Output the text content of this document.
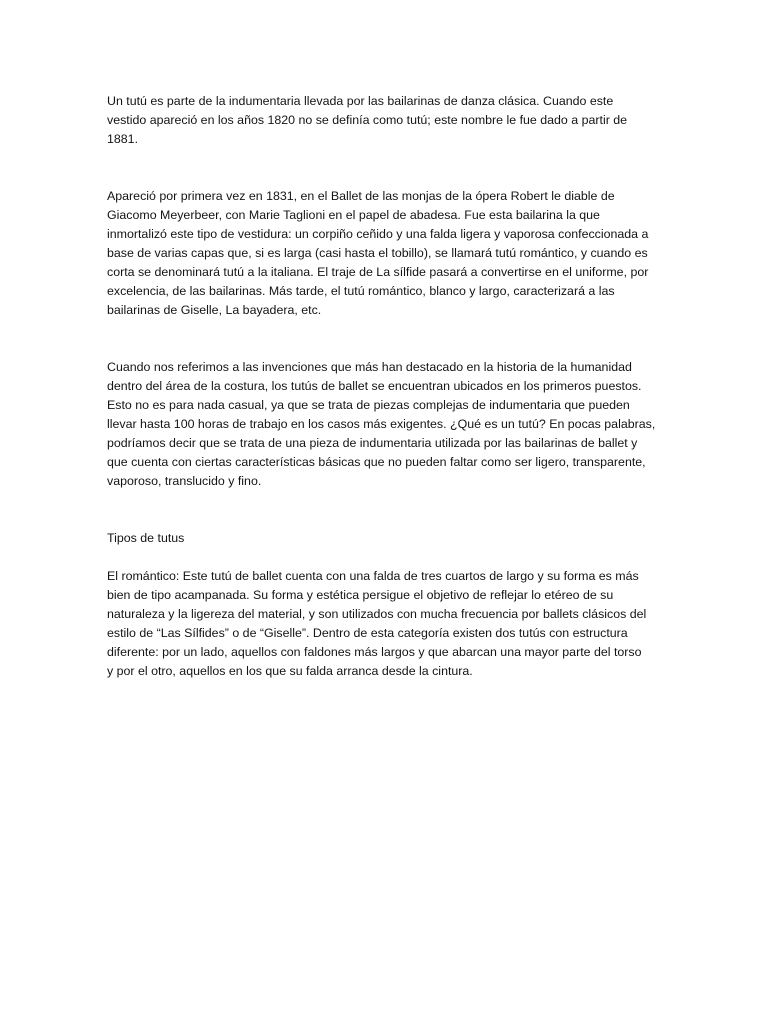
Un tutú es parte de la indumentaria llevada por las bailarinas de danza clásica. Cuando este
vestido apareció en los años 1820 no se definía como tutú; este nombre le fue dado a partir de
1881.

Apareció por primera vez en 1831, en el Ballet de las monjas de la ópera Robert le diable de
Giacomo Meyerbeer, con Marie Taglioni en el papel de abadesa. Fue esta bailarina la que
inmortalizó este tipo de vestidura: un corpiño ceñido y una falda ligera y vaporosa confeccionada a
base de varias capas que, si es larga (casi hasta el tobillo), se llamará tutú romántico, y cuando es
corta se denominará tutú a la italiana. El traje de La sílfide pasará a convertirse en el uniforme, por
excelencia, de las bailarinas. Más tarde, el tutú romántico, blanco y largo, caracterizará a las
bailarinas de Giselle, La bayadera, etc.

Cuando nos referimos a las invenciones que más han destacado en la historia de la humanidad
dentro del área de la costura, los tutús de ballet se encuentran ubicados en los primeros puestos.
Esto no es para nada casual, ya que se trata de piezas complejas de indumentaria que pueden
llevar hasta 100 horas de trabajo en los casos más exigentes. ¿Qué es un tutú? En pocas palabras,
podríamos decir que se trata de una pieza de indumentaria utilizada por las bailarinas de ballet y
que cuenta con ciertas características básicas que no pueden faltar como ser ligero, transparente,
vaporoso, translucido y fino.

Tipos de tutus

El romántico: Este tutú de ballet cuenta con una falda de tres cuartos de largo y su forma es más
bien de tipo acampanada. Su forma y estética persigue el objetivo de reflejar lo etéreo de su
naturaleza y la ligereza del material, y son utilizados con mucha frecuencia por ballets clásicos del
estilo de “Las Sílfides” o de “Giselle”. Dentro de esta categoría existen dos tutús con estructura
diferente: por un lado, aquellos con faldones más largos y que abarcan una mayor parte del torso
y por el otro, aquellos en los que su falda arranca desde la cintura.
